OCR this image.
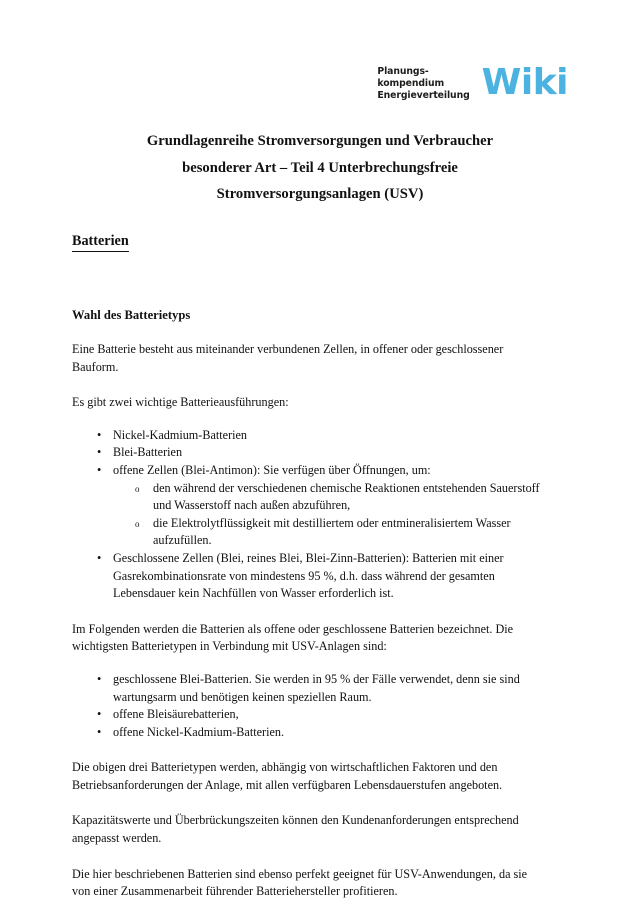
Planungs-
kompendium
Energieverteilung Wiki
Grundlagenreihe Stromversorgungen und Verbraucher
besonderer Art – Teil 4 Unterbrechungsfreie
Stromversorgungsanlagen (USV)
Batterien
Wahl des Batterietyps

Eine Batterie besteht aus miteinander verbundenen Zellen, in offener oder geschlossener Bauform.

Es gibt zwei wichtige Batterieausführungen:

• Nickel-Kadmium-Batterien
• Blei-Batterien
• offene Zellen (Blei-Antimon): Sie verfügen über Öffnungen, um:
o den während der verschiedenen chemische Reaktionen entstehenden Sauerstoff und Wasserstoff nach außen abzuführen,
o die Elektrolytflüssigkeit mit destilliertem oder entmineralisiertem Wasser aufzufüllen.
• Geschlossene Zellen (Blei, reines Blei, Blei-Zinn-Batterien): Batterien mit einer Gasrekombinationsrate von mindestens 95 %, d.h. dass während der gesamten Lebensdauer kein Nachfüllen von Wasser erforderlich ist.

Im Folgenden werden die Batterien als offene oder geschlossene Batterien bezeichnet. Die wichtigsten Batterietypen in Verbindung mit USV-Anlagen sind:

• geschlossene Blei-Batterien. Sie werden in 95 % der Fälle verwendet, denn sie sind wartungsarm und benötigen keinen speziellen Raum.
• offene Bleisäurebatterien,
• offene Nickel-Kadmium-Batterien.

Die obigen drei Batterietypen werden, abhängig von wirtschaftlichen Faktoren und den Betriebsanforderungen der Anlage, mit allen verfügbaren Lebensdauerstufen angeboten.

Kapazitätswerte und Überbrückungszeiten können den Kundenanforderungen entsprechend angepasst werden.

Die hier beschriebenen Batterien sind ebenso perfekt geeignet für USV-Anwendungen, da sie von einer Zusammenarbeit führender Batteriehersteller profitieren.
